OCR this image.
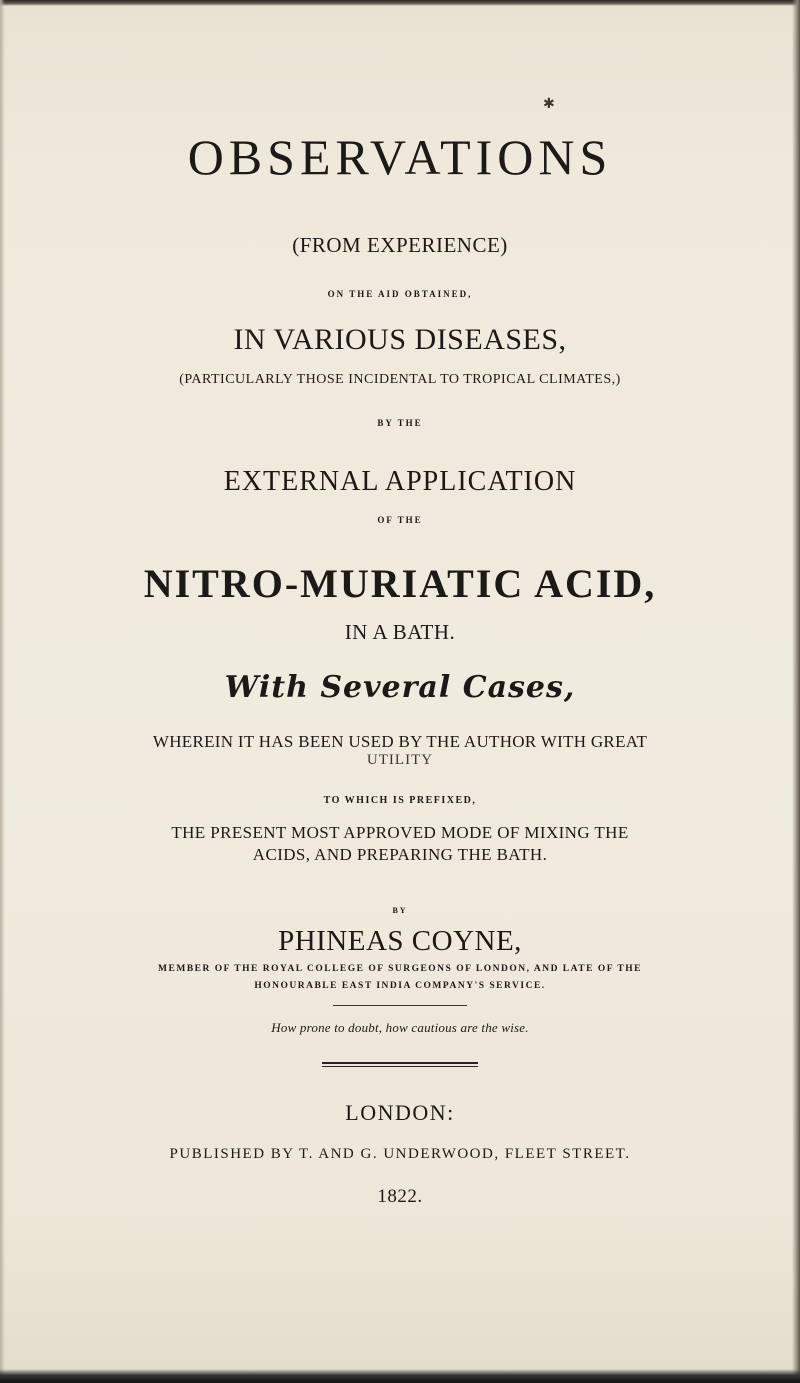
✱
OBSERVATIONS
(FROM EXPERIENCE)
ON THE AID OBTAINED,
IN VARIOUS DISEASES,
(PARTICULARLY THOSE INCIDENTAL TO TROPICAL CLIMATES,)
BY THE
EXTERNAL APPLICATION
OF THE
NITRO-MURIATIC ACID,
IN A BATH.
With Several Cases,
WHEREIN IT HAS BEEN USED BY THE AUTHOR WITH GREAT
UTILITY
TO WHICH IS PREFIXED,
THE PRESENT MOST APPROVED MODE OF MIXING THE
ACIDS, AND PREPARING THE BATH.
BY
PHINEAS COYNE,
MEMBER OF THE ROYAL COLLEGE OF SURGEONS OF LONDON, AND LATE OF THE
HONOURABLE EAST INDIA COMPANY'S SERVICE.
How prone to doubt, how cautious are the wise.
LONDON:
PUBLISHED BY T. AND G. UNDERWOOD, FLEET STREET.
1822.
